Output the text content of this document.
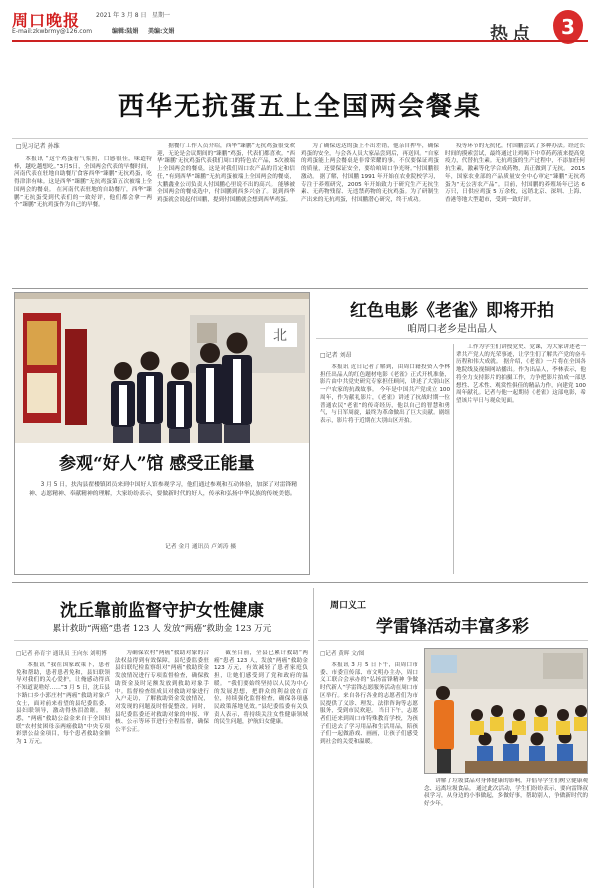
周口晚报	2021 年 3 月 8 日 星期一
E-mail:zkwbrmy@126.com	编辑:陆娟 美编:文娟	热点 3
西华无抗蛋五上全国两会餐桌
□见习记者 孙维

本报讯 “这个鸡蛋看气浆照，口感很佳，味道特棒，越吃越想吃。”3月5日，全国两会代表的早餐时间，河南代表在驻地自助餐厅食客西华“臻鹏”无抗鸡蛋，吃得津津有味。这是西华“臻鹏”无抗鸡蛋第五次被端上全国两会的餐桌。 在河南代表驻地的自助餐厅，西华“臻鹏”无抗蛋受到代表们的一致好评，他们都会拿一两个“臻鹏”无抗鸡蛋作为自己的早餐。

据餐厅工作人员介绍，西华“臻鹏”无抗鸡蛋很受欢迎，无论是会议期间的“臻鹏”鸡蛋，代表们都喜欢。“西华‘臻鹏’无抗鸡蛋代表我们周口的特色农产品，5次被端上全国两会的餐桌，这是对我们周口农产品的肯定和信任，”有到西华“臻鹏”无抗鸡蛋被端上全国两会的餐桌，大鹏鑫业公司负责人付国鹏心里说不出的高兴。 能够被全国两会的餐桌选中，付国鹏到西多兴奋了。说到西华鸡蛋就会说起付国鹏，提到付国鹏就会想到西华鸡蛋。

为了确保送达的蛋上不出差错，他亲自押车，确保鸡蛋的安全，与会各人员大家品尝到后，再送回。“自家的鸡蛋能上两会餐桌是非常荣耀的事。不仅要保证鸡蛋的质量，还要保证安全，要给咱周口争光呀。”付国鹏很激动。 据了解，付国鹏 1991 年开始在农业院校学习，专注于养殖研究，2005 年开始致力于研究生产无抗生素、无药物残留、无违禁药物的无抗鸡蛋。为了研制生产出来的无抗鸡蛋，付国鹏潜心研究，终于成功。

疫等环节的无抗化，付国鹏尝试了多种办法。经过长时间的摸索尝试，最终通过让鸡喝下中草药药液来提高免疫力，代替抗生素。无抗鸡蛋的生产过程中，不添加任何抗生素，激素等化学合成药物，真正做到了无抗。 2015 年，国家农业部的产品质量安全中心审定“臻鹏”无抗鸡蛋为“无公害农产品”。目前，付国鹏的养殖场年已达 6 万只，日供应鸡蛋 5 万余枚，远销北京、深圳、上海、香港等地大型超市，受到一致好评。

北
参观“好人”馆 感受正能量

3 月 5 日，扶沟县翟楼镇团员来到中国好人馆参观学习，他们通过参观和互动体验，加深了对雷锋精神、志愿精神、奉献精神的理解，大家纷纷表示，要做新时代的好人，传承和弘扬中华民族的传统美德。

记者 金月 通讯员 卢刘涛 摄
红色电影《老雀》即将开拍
咱周口老乡是出品人
□记者 刘昂

本报讯 近日记者了解到，由周口籍投资人李林担任出品人的红色题材电影《老雀》正式开机准备，影片由中共党史研究专家担任顾问，讲述了大别山区一户农家的抗战故事。 今年是中国共产党成立 100 周年，作为献礼影片，《老雀》讲述了抗战时期一位普通农民“老雀”的传奇经历，他以自己的智慧和勇气，与日军周旋，最终为革命做出了巨大贡献。剧组表示，影片将于近期在大别山区开拍。

工作为学生们讲授党史、党课，为大家讲述老一辈共产党人的光荣事迹，让学生们了解共产党的奋斗历程和伟大成就。 据介绍，《老雀》一片将在全国各地院线及视频网站播出。作为出品人，李林表示，他将全力支持影片的拍摄工作，力争把影片拍成一部思想性、艺术性、观赏性俱佳的精品力作，向建党 100 周年献礼。记者与他一起期待《老雀》这部电影，希望该片早日与观众见面。

沈丘靠前监督守护女性健康
累计救助“两癌”患者 123 人 发放“两癌”救助金 123 万元
□记者 孙育宇 通讯员 王向东 刘明博

本报讯 “我在国家政策下，患者免和帮助，患者患者免和，县妇联领导对我们的关心爱护，让俺感动得真不知道说啥好……”3 月 5 日，沈丘县卞路口乡小郭庄村“两癌”救助对象卢女士，面对前来看望的县纪委监委、县妇联领导，激动得热泪盈眶。 据悉，“两癌”救助公益金来自于全国妇联“农村贫困母亲两癌救助”中央专项彩票公益金项目，每个患者救助金额为 1 万元。

为确保农村“两癌”救助对象的合法权益得到有效保障，县纪委监委驻县妇联纪检监察组对“两癌”救助资金发放情况进行专项监督检查，确保救助资金及时足额发放到救助对象手中。监督检查组成员对救助对象进行入户走访，了解救助资金发放情况，对发现的问题及时督促整改。同时，县纪委监委还对救助对象的申报、审核、公示等环节进行全程监督，确保公平公正。

截至目前，全县已累计救助“两癌”患者 123 人，发放“两癌”救助金 123 万元，有效减轻了患者家庭负担，让她们感受到了党和政府的温暖。 “我们要始终坚持以人民为中心的发展思想，把群众的利益放在首位，持续强化监督检查，确保各项惠民政策落地见效。”县纪委监委有关负责人表示，将持续关注女性健康领域的民生问题，护航妇女健康。

周口义工
学雷锋活动丰富多彩
□记者 黄晖 文/图

本报讯 3 月 5 日下午，由周口市委、市委宣传部、市文明办主办，周口义工联合会承办的“弘扬雷锋精神 争做时代新人”学雷锋志愿服务活动在周口市区举行。来自各行各业的志愿者们为市民提供了义诊、理发、法律咨询等志愿服务，受到市民欢迎。 当日下午，志愿者们还来到周口市特殊教育学校，为孩子们送去了学习用品和生活用品，陪孩子们一起做游戏、画画，让孩子们感受到社会的关爱和温暖。

讲解了垃圾食品对身体健康的影响，并倡导学生们树立健康观念、远离垃圾食品。 通过此次活动，学生们纷纷表示，要向雷锋叔叔学习，从身边的小事做起，多做好事，帮助别人，争做新时代的好少年。
